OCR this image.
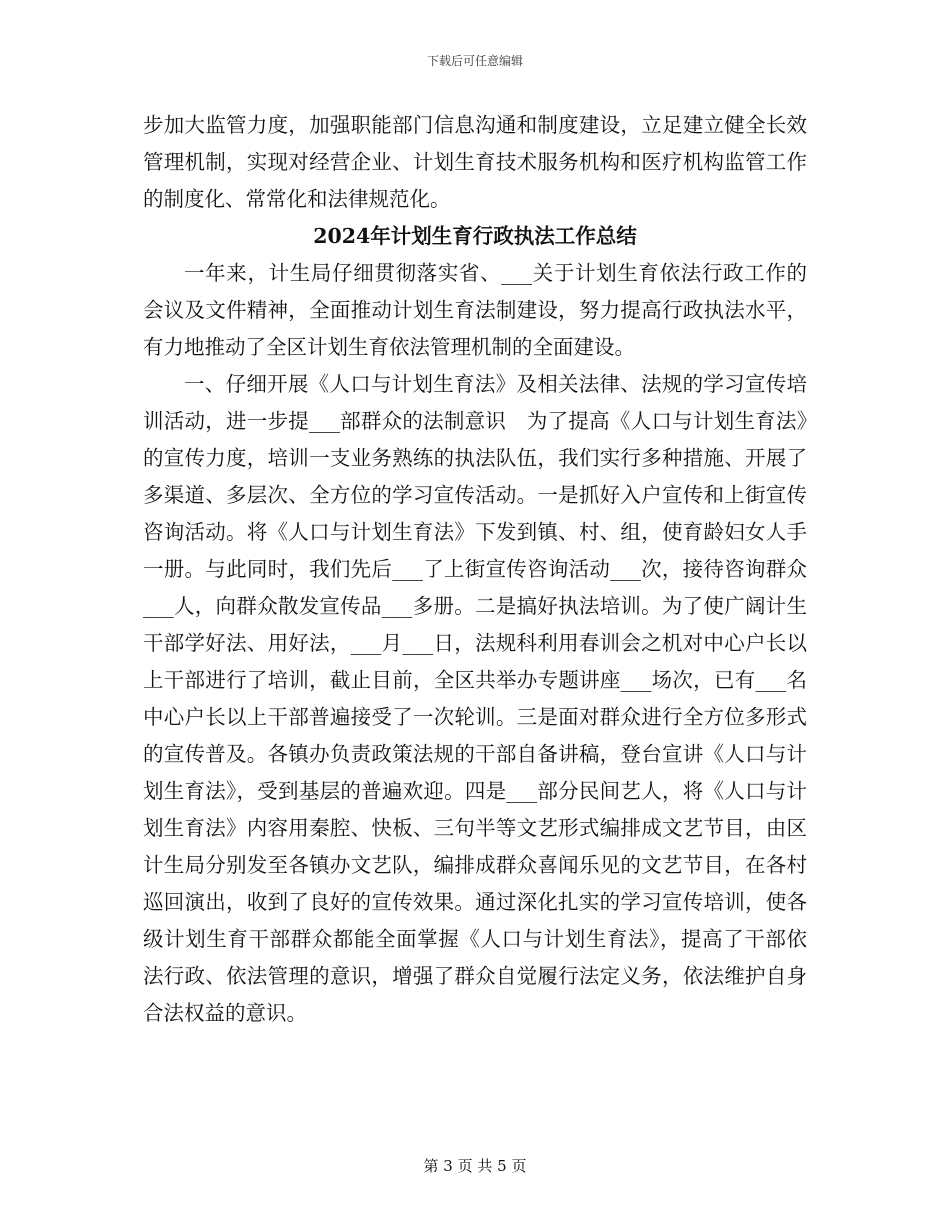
下载后可任意编辑

步加大监管力度，加强职能部门信息沟通和制度建设，立足建立健全长效管理机制，实现对经营企业、计划生育技术服务机构和医疗机构监管工作的制度化、常常化和法律规范化。

2024年计划生育行政执法工作总结

一年来，计生局仔细贯彻落实省、___关于计划生育依法行政工作的会议及文件精神，全面推动计划生育法制建设，努力提高行政执法水平，有力地推动了全区计划生育依法管理机制的全面建设。

一、仔细开展《人口与计划生育法》及相关法律、法规的学习宣传培训活动，进一步提___部群众的法制意识　为了提高《人口与计划生育法》的宣传力度，培训一支业务熟练的执法队伍，我们实行多种措施、开展了多渠道、多层次、全方位的学习宣传活动。一是抓好入户宣传和上街宣传咨询活动。将《人口与计划生育法》下发到镇、村、组，使育龄妇女人手一册。与此同时，我们先后___了上街宣传咨询活动___次，接待咨询群众___人，向群众散发宣传品___多册。二是搞好执法培训。为了使广阔计生干部学好法、用好法，___月___日，法规科利用春训会之机对中心户长以上干部进行了培训，截止目前，全区共举办专题讲座___场次，已有___名中心户长以上干部普遍接受了一次轮训。三是面对群众进行全方位多形式的宣传普及。各镇办负责政策法规的干部自备讲稿，登台宣讲《人口与计划生育法》，受到基层的普遍欢迎。四是___部分民间艺人，将《人口与计划生育法》内容用秦腔、快板、三句半等文艺形式编排成文艺节目，由区计生局分别发至各镇办文艺队，编排成群众喜闻乐见的文艺节目，在各村巡回演出，收到了良好的宣传效果。通过深化扎实的学习宣传培训，使各级计划生育干部群众都能全面掌握《人口与计划生育法》，提高了干部依法行政、依法管理的意识，增强了群众自觉履行法定义务，依法维护自身合法权益的意识。

第 3 页 共 5 页
